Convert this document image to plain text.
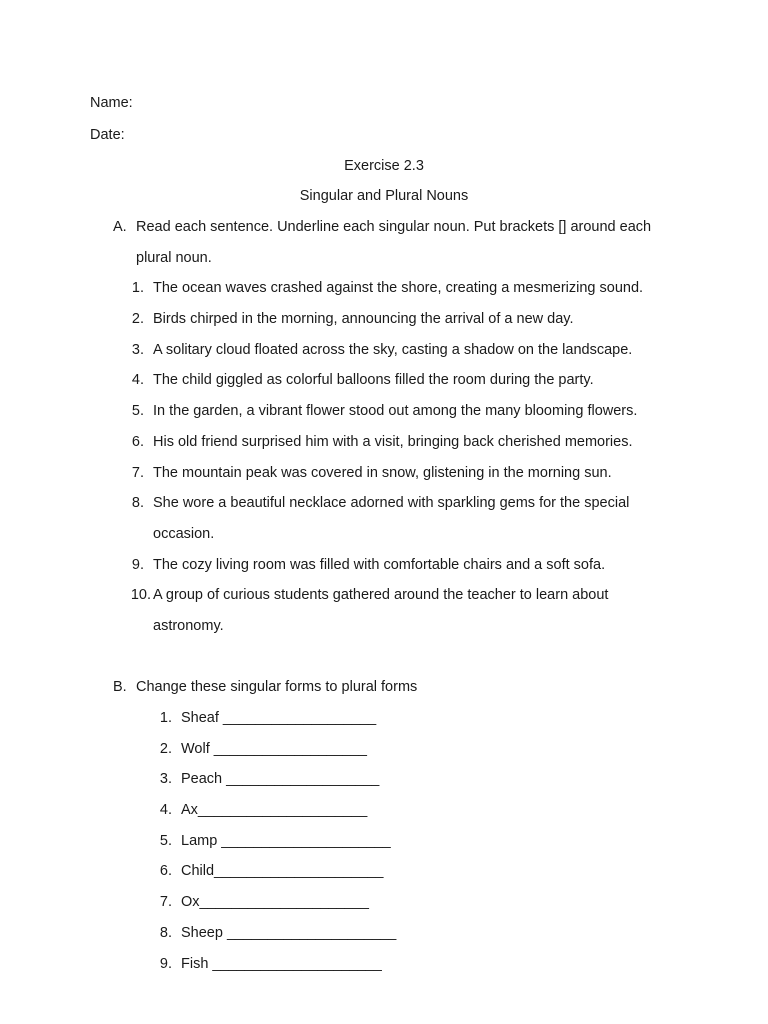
Name:
Date:
Exercise 2.3
Singular and Plural Nouns
A. Read each sentence. Underline each singular noun. Put brackets [] around each
plural noun.
1. The ocean waves crashed against the shore, creating a mesmerizing sound.
2. Birds chirped in the morning, announcing the arrival of a new day.
3. A solitary cloud floated across the sky, casting a shadow on the landscape.
4. The child giggled as colorful balloons filled the room during the party.
5. In the garden, a vibrant flower stood out among the many blooming flowers.
6. His old friend surprised him with a visit, bringing back cherished memories.
7. The mountain peak was covered in snow, glistening in the morning sun.
8. She wore a beautiful necklace adorned with sparkling gems for the special
occasion.
9. The cozy living room was filled with comfortable chairs and a soft sofa.
10. A group of curious students gathered around the teacher to learn about
astronomy.
B. Change these singular forms to plural forms
1. Sheaf ___________________
2. Wolf ___________________
3. Peach ___________________
4. Ax_____________________
5. Lamp _____________________
6. Child_____________________
7. Ox_____________________
8. Sheep _____________________
9. Fish _____________________
